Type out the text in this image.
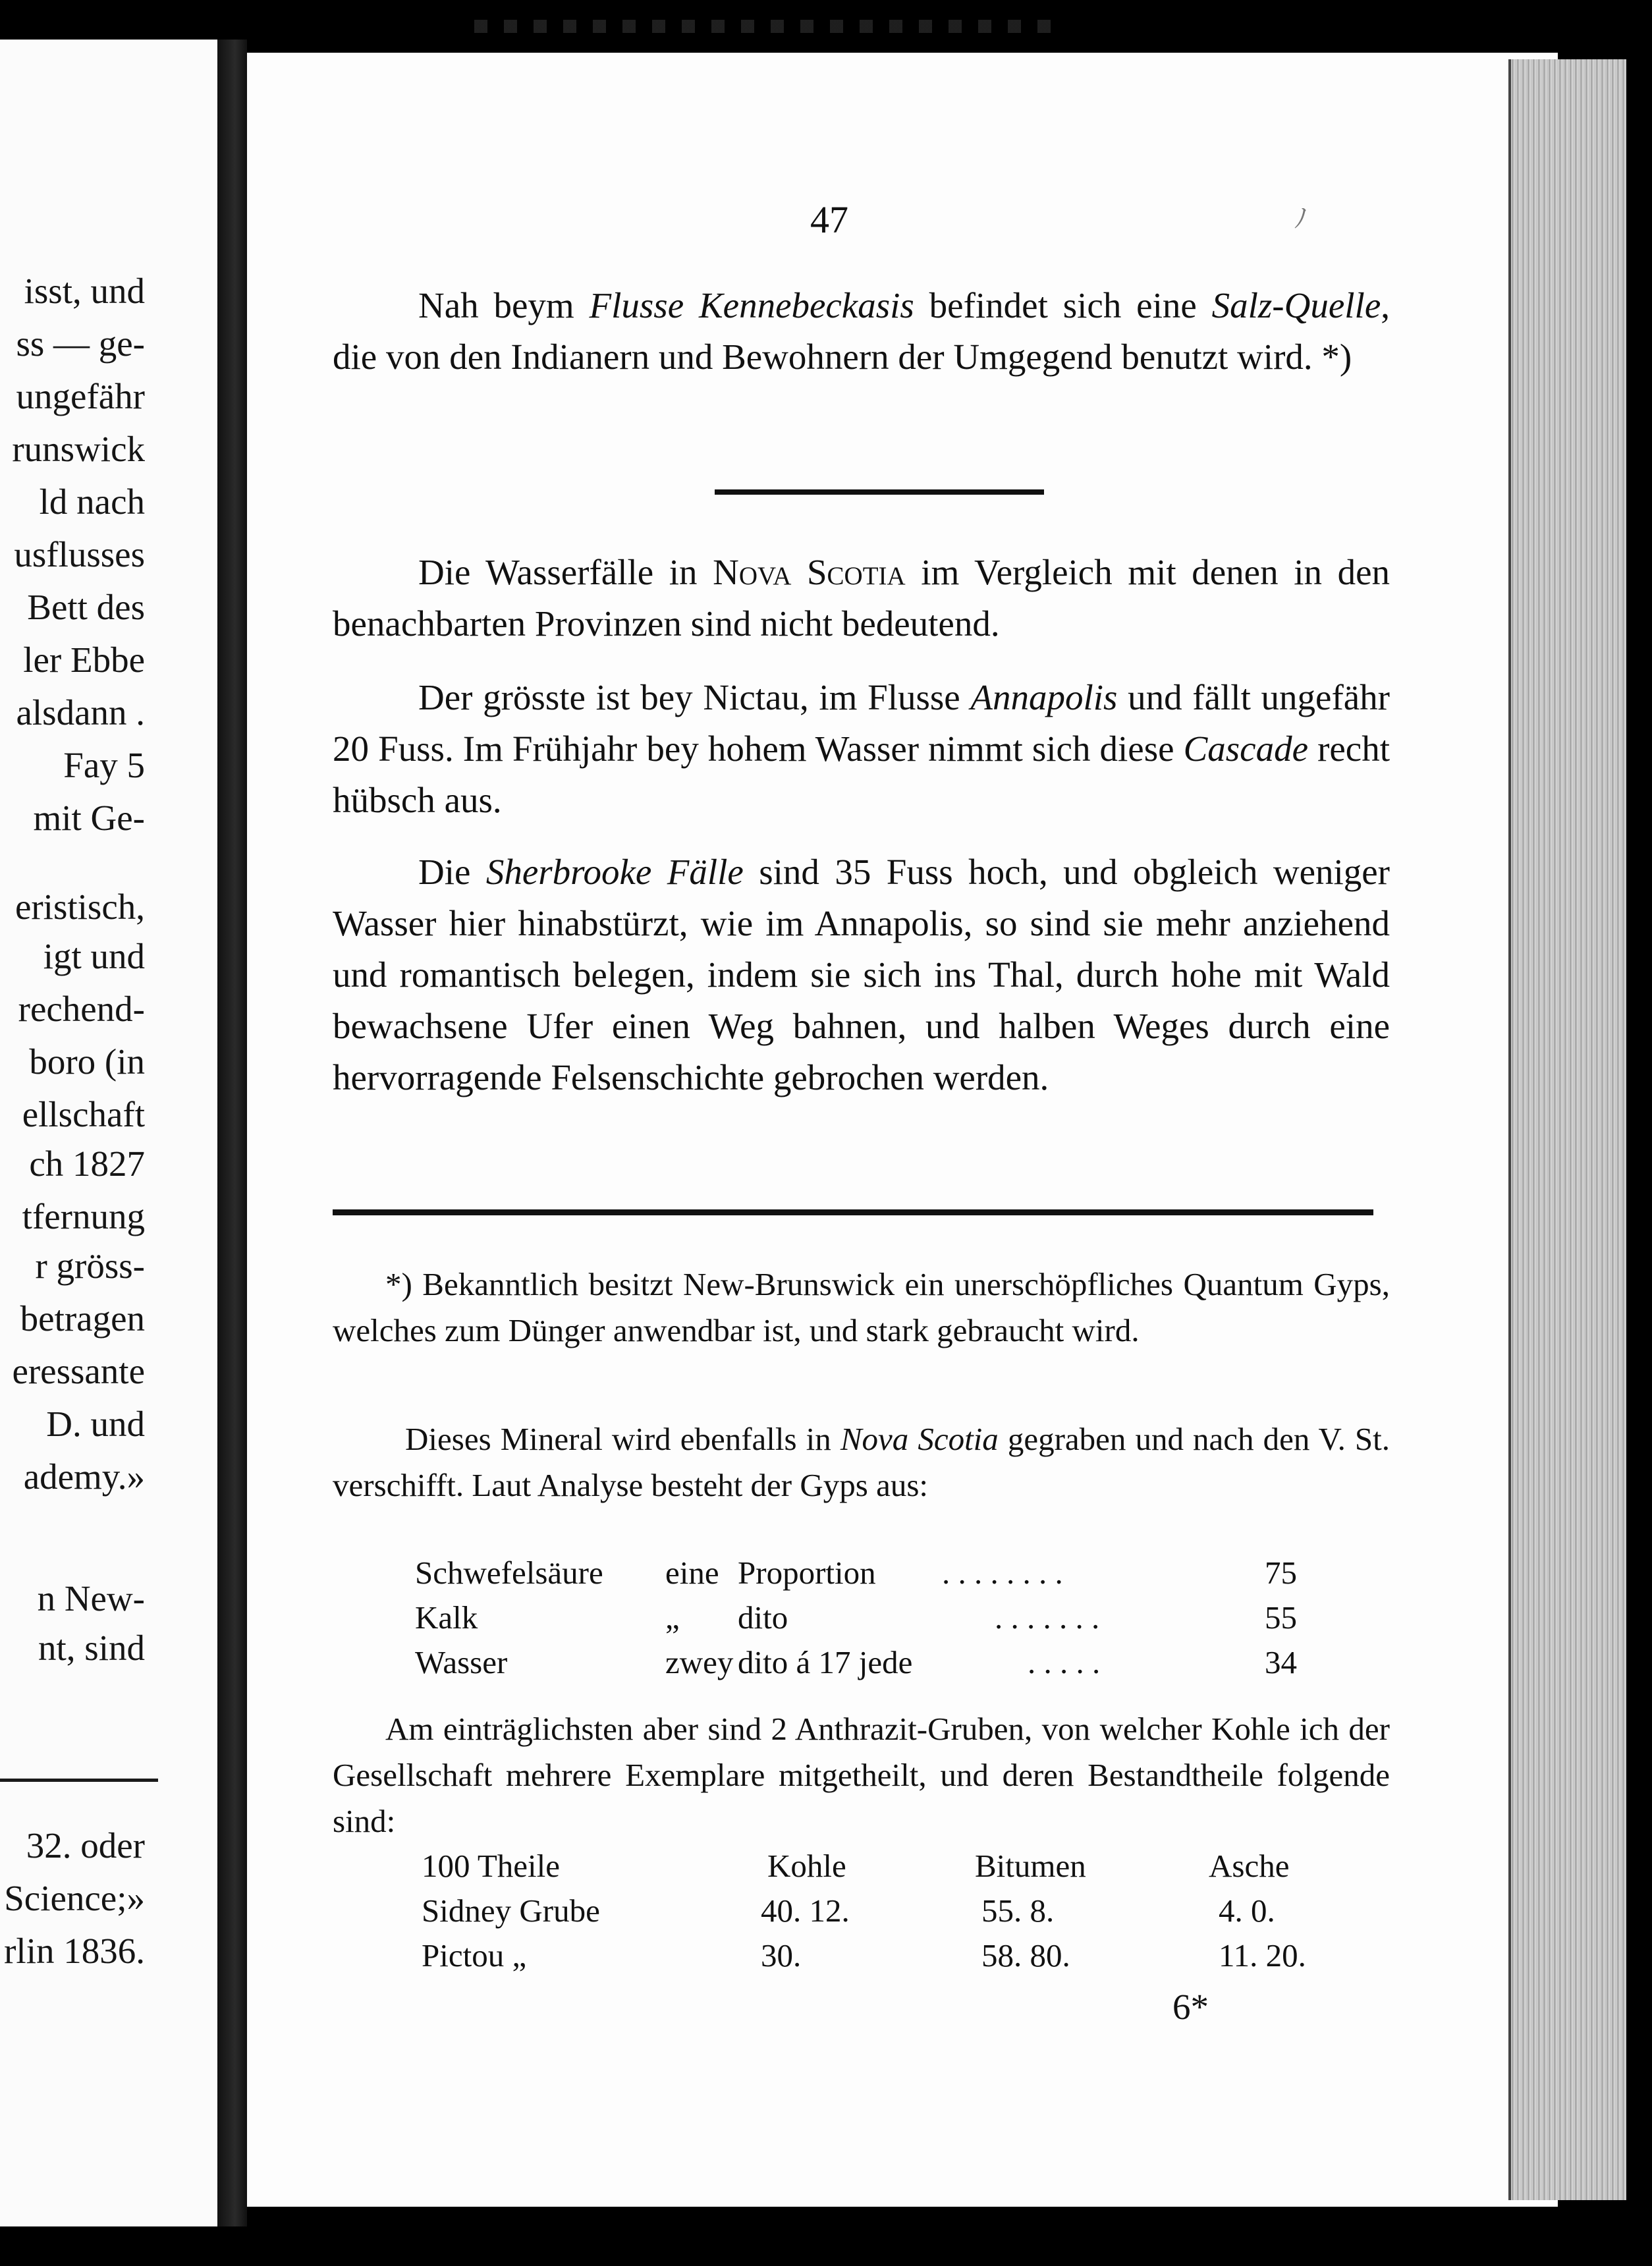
isst, und
ss — ge-
ungefähr
runswick
ld nach
usflusses
Bett des
ler Ebbe
alsdann .
Fay 5
mit Ge-
eristisch,
igt und
rechend-
boro (in
ellschaft
ch 1827
tfernung
r gröss-
betragen
eressante
D. und
ademy.»
n New-
nt, sind
32. oder
Science;»
rlin 1836.
ﾉ
47

Nah beym Flusse Kennebeckasis befindet sich eine Salz-Quelle, die von den Indianern und Bewohnern der Umgegend benutzt wird. *)

Die Wasserfälle in Nova Scotia im Vergleich mit denen in den benachbarten Provinzen sind nicht bedeutend.

Der grösste ist bey Nictau, im Flusse Annapolis und fällt ungefähr 20 Fuss. Im Frühjahr bey hohem Wasser nimmt sich diese Cascade recht hübsch aus.

Die Sherbrooke Fälle sind 35 Fuss hoch, und obgleich weniger Wasser hier hinabstürzt, wie im Annapolis, so sind sie mehr anziehend und romantisch belegen, indem sie sich ins Thal, durch hohe mit Wald bewachsene Ufer einen Weg bahnen, und halben Weges durch eine hervorragende Felsenschichte gebrochen werden.

*) Bekanntlich besitzt New-Brunswick ein unerschöpfliches Quantum Gyps, welches zum Dünger anwendbar ist, und stark gebraucht wird.

Dieses Mineral wird ebenfalls in Nova Scotia gegraben und nach den V. St. verschifft. Laut Analyse besteht der Gyps aus:

Schwefelsäure eine Proportion . . . . . . . .	75
Kalk	„ dito	. . . . . . .	55
Wasser	zwey dito á 17 jede	. . . . .	34

Am einträglichsten aber sind 2 Anthrazit-Gruben, von welcher Kohle ich der Gesellschaft mehrere Exemplare mitgetheilt, und deren Bestandtheile folgende sind:

100 Theile	Kohle	Bitumen	Asche
Sidney Grube	40. 12.	55. 8.	4. 0.
Pictou „	30.	58. 80.	11. 20.
6*
